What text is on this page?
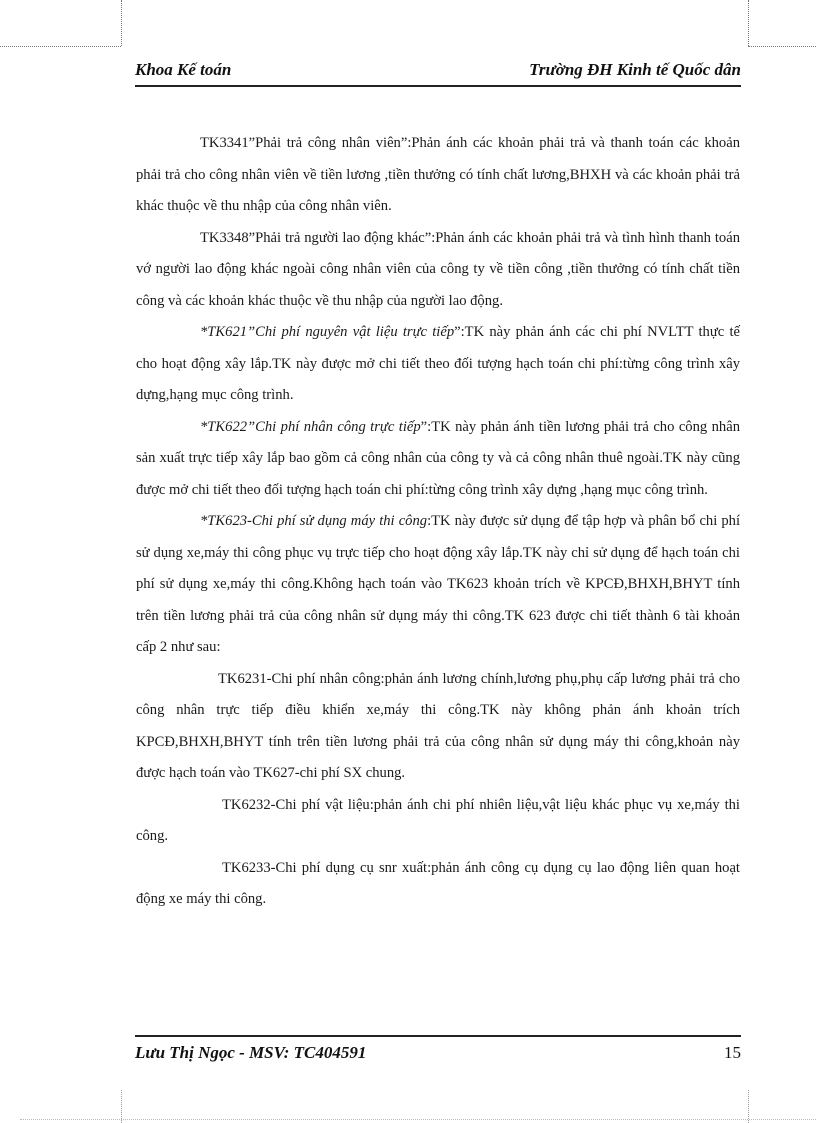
Khoa Kế toán	Trường ĐH Kinh tế Quốc dân

TK3341”Phải trả công nhân viên”:Phản ánh các khoản phải trả và thanh toán các khoản phải trả cho công nhân viên về tiền lương ,tiền thưởng có tính chất lương,BHXH và các khoản phải trả khác thuộc về thu nhập của công nhân viên.

TK3348”Phải trả người lao động khác”:Phản ánh các khoản phải trả và tình hình thanh toán vớ người lao động khác ngoài công nhân viên của công ty về tiền công ,tiền thưởng có tính chất tiền công và các khoản khác thuộc về thu nhập của người lao động.

*TK621”Chi phí nguyên vật liệu trực tiếp”:TK này phản ánh các chi phí NVLTT thực tế cho hoạt động xây lắp.TK này được mở chi tiết theo đối tượng hạch toán chi phí:từng công trình xây dựng,hạng mục công trình.

*TK622”Chi phí nhân công trực tiếp”:TK này phản ánh tiền lương phải trả cho công nhân sản xuất trực tiếp xây lắp bao gồm cả công nhân của công ty và cả công nhân thuê ngoài.TK này cũng được mở chi tiết theo đối tượng hạch toán chi phí:từng công trình xây dựng ,hạng mục công trình.

*TK623-Chi phí sử dụng máy thi công:TK này được sử dụng để tập hợp và phân bổ chi phí sử dụng xe,máy thi công phục vụ trực tiếp cho hoạt động xây lắp.TK này chỉ sử dụng để hạch toán chi phí sử dụng xe,máy thi công.Không hạch toán vào TK623 khoản trích về KPCĐ,BHXH,BHYT tính trên tiền lương phải trả của công nhân sử dụng máy thi công.TK 623 được chi tiết thành 6 tài khoản cấp 2 như sau:

TK6231-Chi phí nhân công:phản ánh lương chính,lương phụ,phụ cấp lương phải trả cho công nhân trực tiếp điều khiển xe,máy thi công.TK này không phản ánh khoản trích KPCĐ,BHXH,BHYT tính trên tiền lương phải trả của công nhân sử dụng máy thi công,khoản này được hạch toán vào TK627-chi phí SX chung.

TK6232-Chi phí vật liệu:phản ánh chi phí nhiên liệu,vật liệu khác phục vụ xe,máy thi công.

TK6233-Chi phí dụng cụ snr xuất:phản ánh công cụ dụng cụ lao động liên quan hoạt động xe máy thi công.

Lưu Thị Ngọc - MSV: TC404591	15
